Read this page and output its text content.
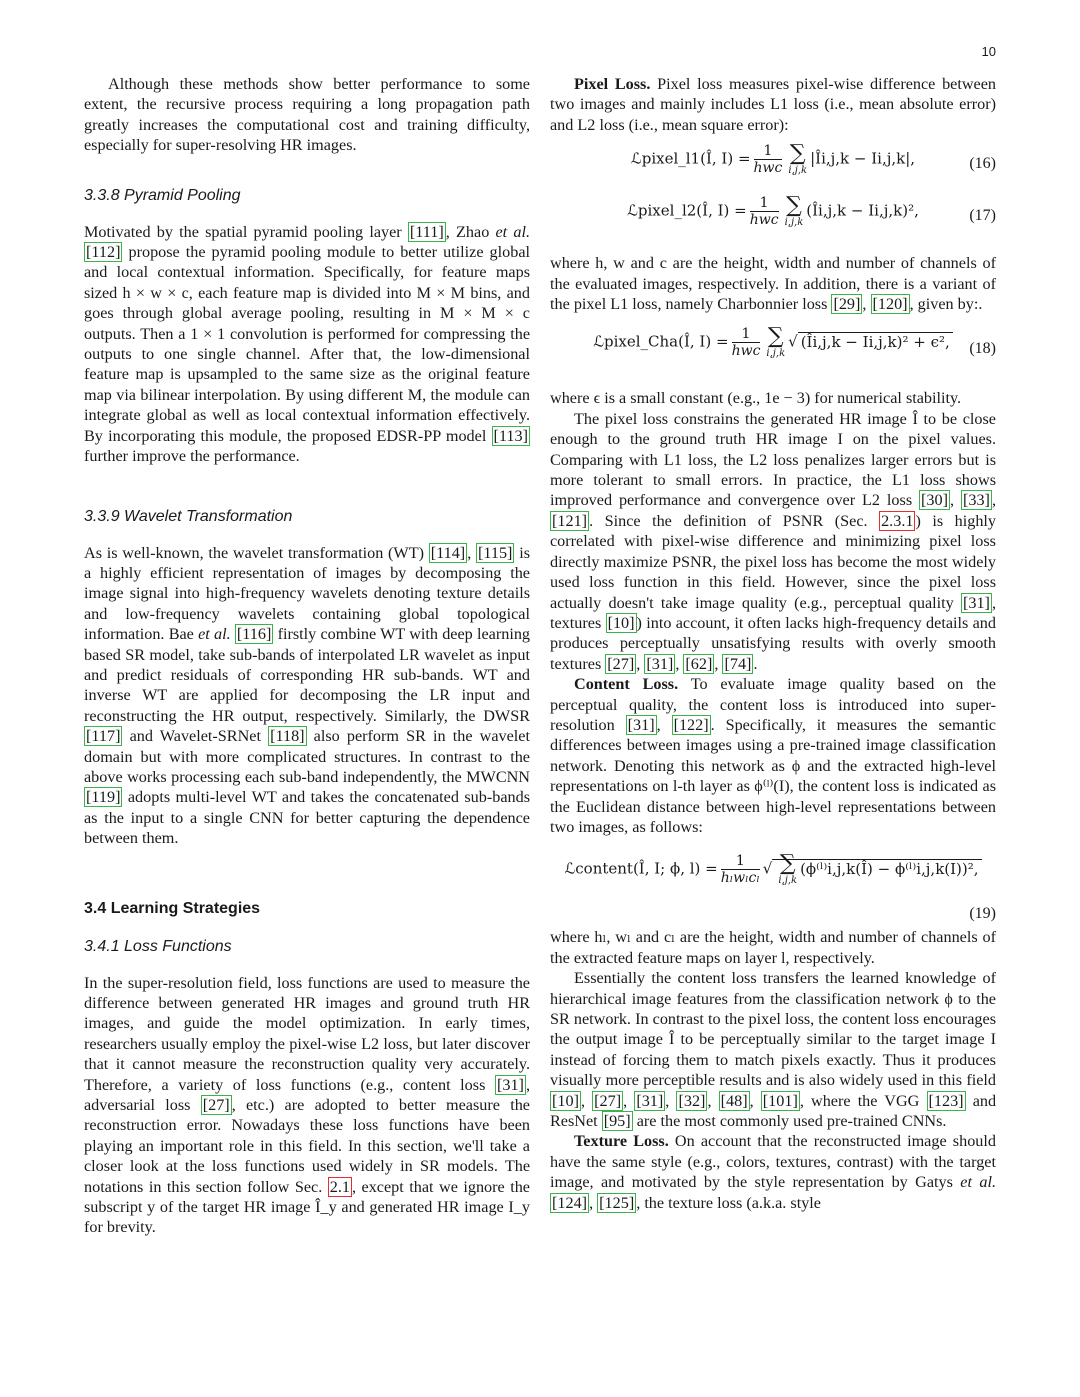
10

Although these methods show better performance to some extent, the recursive process requiring a long propagation path greatly increases the computational cost and training difficulty, especially for super-resolving HR images.

3.3.8 Pyramid Pooling

Motivated by the spatial pyramid pooling layer [111] , Zhao et al. [112] propose the pyramid pooling module to better utilize global and local contextual information. Specifically, for feature maps sized h × w × c, each feature map is divided into M × M bins, and goes through global average pooling, resulting in M × M × c outputs. Then a 1 × 1 convolution is performed for compressing the outputs to one single channel. After that, the low-dimensional feature map is upsampled to the same size as the original feature map via bilinear interpolation. By using different M, the module can integrate global as well as local contextual information effectively. By incorporating this module, the proposed EDSR-PP model [113] further improve the performance.

3.3.9 Wavelet Transformation

As is well-known, the wavelet transformation (WT) [114] , [115] is a highly efficient representation of images by decomposing the image signal into high-frequency wavelets denoting texture details and low-frequency wavelets containing global topological information. Bae et al. [116] firstly combine WT with deep learning based SR model, take sub-bands of interpolated LR wavelet as input and predict residuals of corresponding HR sub-bands. WT and inverse WT are applied for decomposing the LR input and reconstructing the HR output, respectively. Similarly, the DWSR [117] and Wavelet-SRNet [118] also perform SR in the wavelet domain but with more complicated structures. In contrast to the above works processing each sub-band independently, the MWCNN [119] adopts multi-level WT and takes the concatenated sub-bands as the input to a single CNN for better capturing the dependence between them.

3.4 Learning Strategies
3.4.1 Loss Functions

In the super-resolution field, loss functions are used to measure the difference between generated HR images and ground truth HR images, and guide the model optimization. In early times, researchers usually employ the pixel-wise L2 loss, but later discover that it cannot measure the reconstruction quality very accurately. Therefore, a variety of loss functions (e.g., content loss [31] , adversarial loss [27] , etc.) are adopted to better measure the reconstruction error. Nowadays these loss functions have been playing an important role in this field. In this section, we'll take a closer look at the loss functions used widely in SR models. The notations in this section follow Sec. 2.1 , except that we ignore the subscript y of the target HR image Î_y and generated HR image I_y for brevity.

Pixel Loss. Pixel loss measures pixel-wise difference between two images and mainly includes L1 loss (i.e., mean absolute error) and L2 loss (i.e., mean square error):

ℒpixel_l1(Î, $I) = \frac{1}{\text{hwc}}$ ∑
i,j,k
|Îi,j,k − Ii,j,k|,	(16)
ℒpixel_l2(Î, $I) = \frac{1}{\text{hwc}}$ ∑
i,j,k
(Îi,j,k − Ii,j,k)²,	(17)

where h, w and c are the height, width and number of channels of the evaluated images, respectively. In addition, there is a variant of the pixel L1 loss, namely Charbonnier loss [29] , [120] , given by:.

ℒpixel_Cha(Î, $I) = \frac{1}{\text{hwc}}$ ∑
i,j,k
√ (Îi,j,k − Ii,j,k)² + ϵ²,	(18)

where ϵ is a small constant (e.g., 1e − 3) for numerical stability.

The pixel loss constrains the generated HR image Î to be close enough to the ground truth HR image I on the pixel values. Comparing with L1 loss, the L2 loss penalizes larger errors but is more tolerant to small errors. In practice, the L1 loss shows improved performance and convergence over L2 loss [30] , [33] , [121] . Since the definition of PSNR (Sec. 2.3.1 ) is highly correlated with pixel-wise difference and minimizing pixel loss directly maximize PSNR, the pixel loss has become the most widely used loss function in this field. However, since the pixel loss actually doesn't take image quality (e.g., perceptual quality [31] , textures [10] ) into account, it often lacks high-frequency details and produces perceptually unsatisfying results with overly smooth textures [27] , [31] , [62] , [74] .

Content Loss. To evaluate image quality based on the perceptual quality, the content loss is introduced into super-resolution [31] , [122] . Specifically, it measures the semantic differences between images using a pre-trained image classification network. Denoting this network as ϕ and the extracted high-level representations on l-th layer as ϕ⁽ˡ⁾(I), the content loss is indicated as the Euclidean distance between high-level representations between two images, as follows:

ℒcontent(Î, I; ϕ, $l) = \frac{1}{\text{hₗwₗcₗ}}$ √ ∑
i,j,k
(ϕ⁽ˡ⁾i,j,k(Î) − ϕ⁽ˡ⁾i,j,k(I))²,
(19)

where hₗ, wₗ and cₗ are the height, width and number of channels of the extracted feature maps on layer l, respectively.

Essentially the content loss transfers the learned knowledge of hierarchical image features from the classification network ϕ to the SR network. In contrast to the pixel loss, the content loss encourages the output image Î to be perceptually similar to the target image I instead of forcing them to match pixels exactly. Thus it produces visually more perceptible results and is also widely used in this field [10] , [27] , [31] , [32] , [48] , [101] , where the VGG [123] and ResNet [95] are the most commonly used pre-trained CNNs.

Texture Loss. On account that the reconstructed image should have the same style (e.g., colors, textures, contrast) with the target image, and motivated by the style representation by Gatys et al. [124] , [125] , the texture loss (a.k.a. style
